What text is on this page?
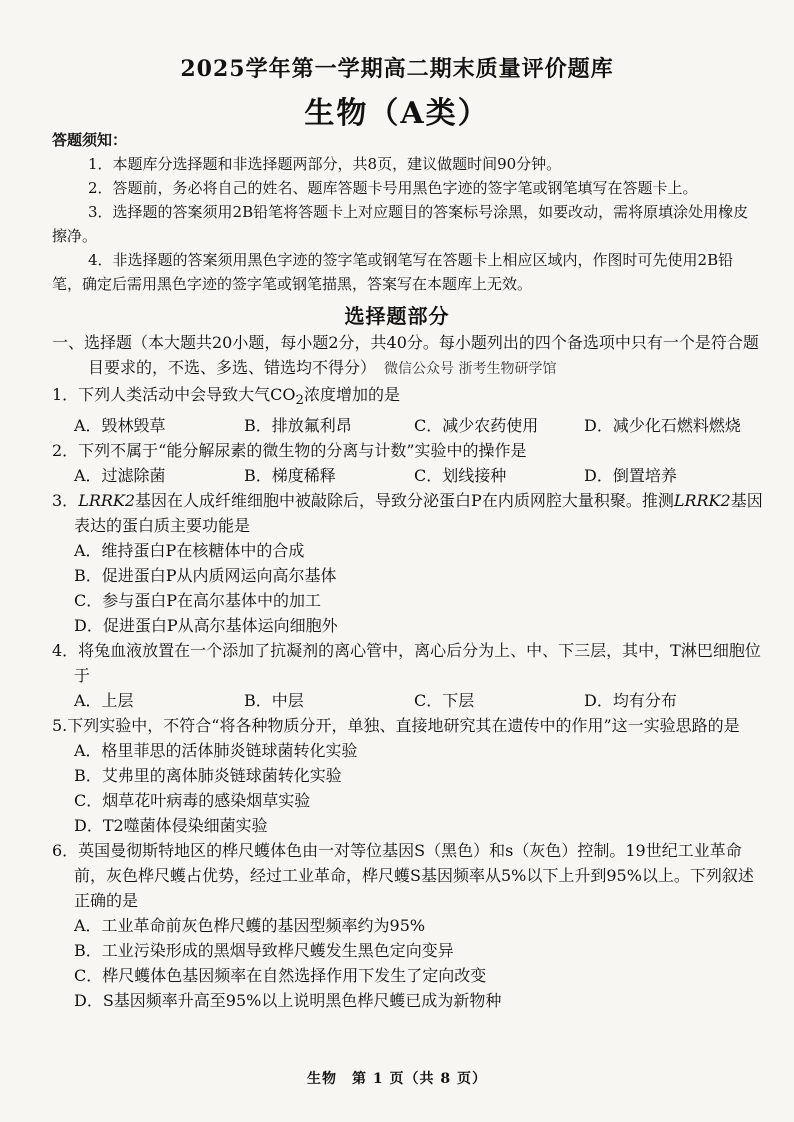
2025学年第一学期高二期末质量评价题库
生物（A类）
答题须知：

1．本题库分选择题和非选择题两部分，共8页，建议做题时间90分钟。

2．答题前，务必将自己的姓名、题库答题卡号用黑色字迹的签字笔或钢笔填写在答题卡上。

3．选择题的答案须用2B铅笔将答题卡上对应题目的答案标号涂黑，如要改动，需将原填涂处用橡皮擦净。

4．非选择题的答案须用黑色字迹的签字笔或钢笔写在答题卡上相应区域内，作图时可先使用2B铅笔，确定后需用黑色字迹的签字笔或钢笔描黑，答案写在本题库上无效。

选择题部分

一、选择题（本大题共20小题，每小题2分，共40分。每小题列出的四个备选项中只有一个是符合题目要求的，不选、多选、错选均不得分） 微信公众号 浙考生物研学馆

1．下列人类活动中会导致大气$CO_2$浓度增加的是

A．毁林毁草	B．排放氟利昂	C．减少农药使用	D．减少化石燃料燃烧

2．下列不属于“能分解尿素的微生物的分离与计数”实验中的操作是

A．过滤除菌	B．梯度稀释	C．划线接种	D．倒置培养

3．LRRK2基因在人成纤维细胞中被敲除后，导致分泌蛋白P在内质网腔大量积聚。推测LRRK2基因表达的蛋白质主要功能是

A．维持蛋白P在核糖体中的合成

B．促进蛋白P从内质网运向高尔基体

C．参与蛋白P在高尔基体中的加工

D．促进蛋白P从高尔基体运向细胞外

4．将兔血液放置在一个添加了抗凝剂的离心管中，离心后分为上、中、下三层，其中，T淋巴细胞位于

A．上层	B．中层	C．下层	D．均有分布

5.下列实验中，不符合“将各种物质分开，单独、直接地研究其在遗传中的作用”这一实验思路的是

A．格里菲思的活体肺炎链球菌转化实验

B．艾弗里的离体肺炎链球菌转化实验

C．烟草花叶病毒的感染烟草实验

D．T2噬菌体侵染细菌实验

6．英国曼彻斯特地区的桦尺蠖体色由一对等位基因S（黑色）和s（灰色）控制。19世纪工业革命前，灰色桦尺蠖占优势，经过工业革命，桦尺蠖S基因频率从5%以下上升到95%以上。下列叙述正确的是

A．工业革命前灰色桦尺蠖的基因型频率约为95%

B．工业污染形成的黑烟导致桦尺蠖发生黑色定向变异

C．桦尺蠖体色基因频率在自然选择作用下发生了定向改变

D．S基因频率升高至95%以上说明黑色桦尺蠖已成为新物种

生物　第 1 页（共 8 页）
